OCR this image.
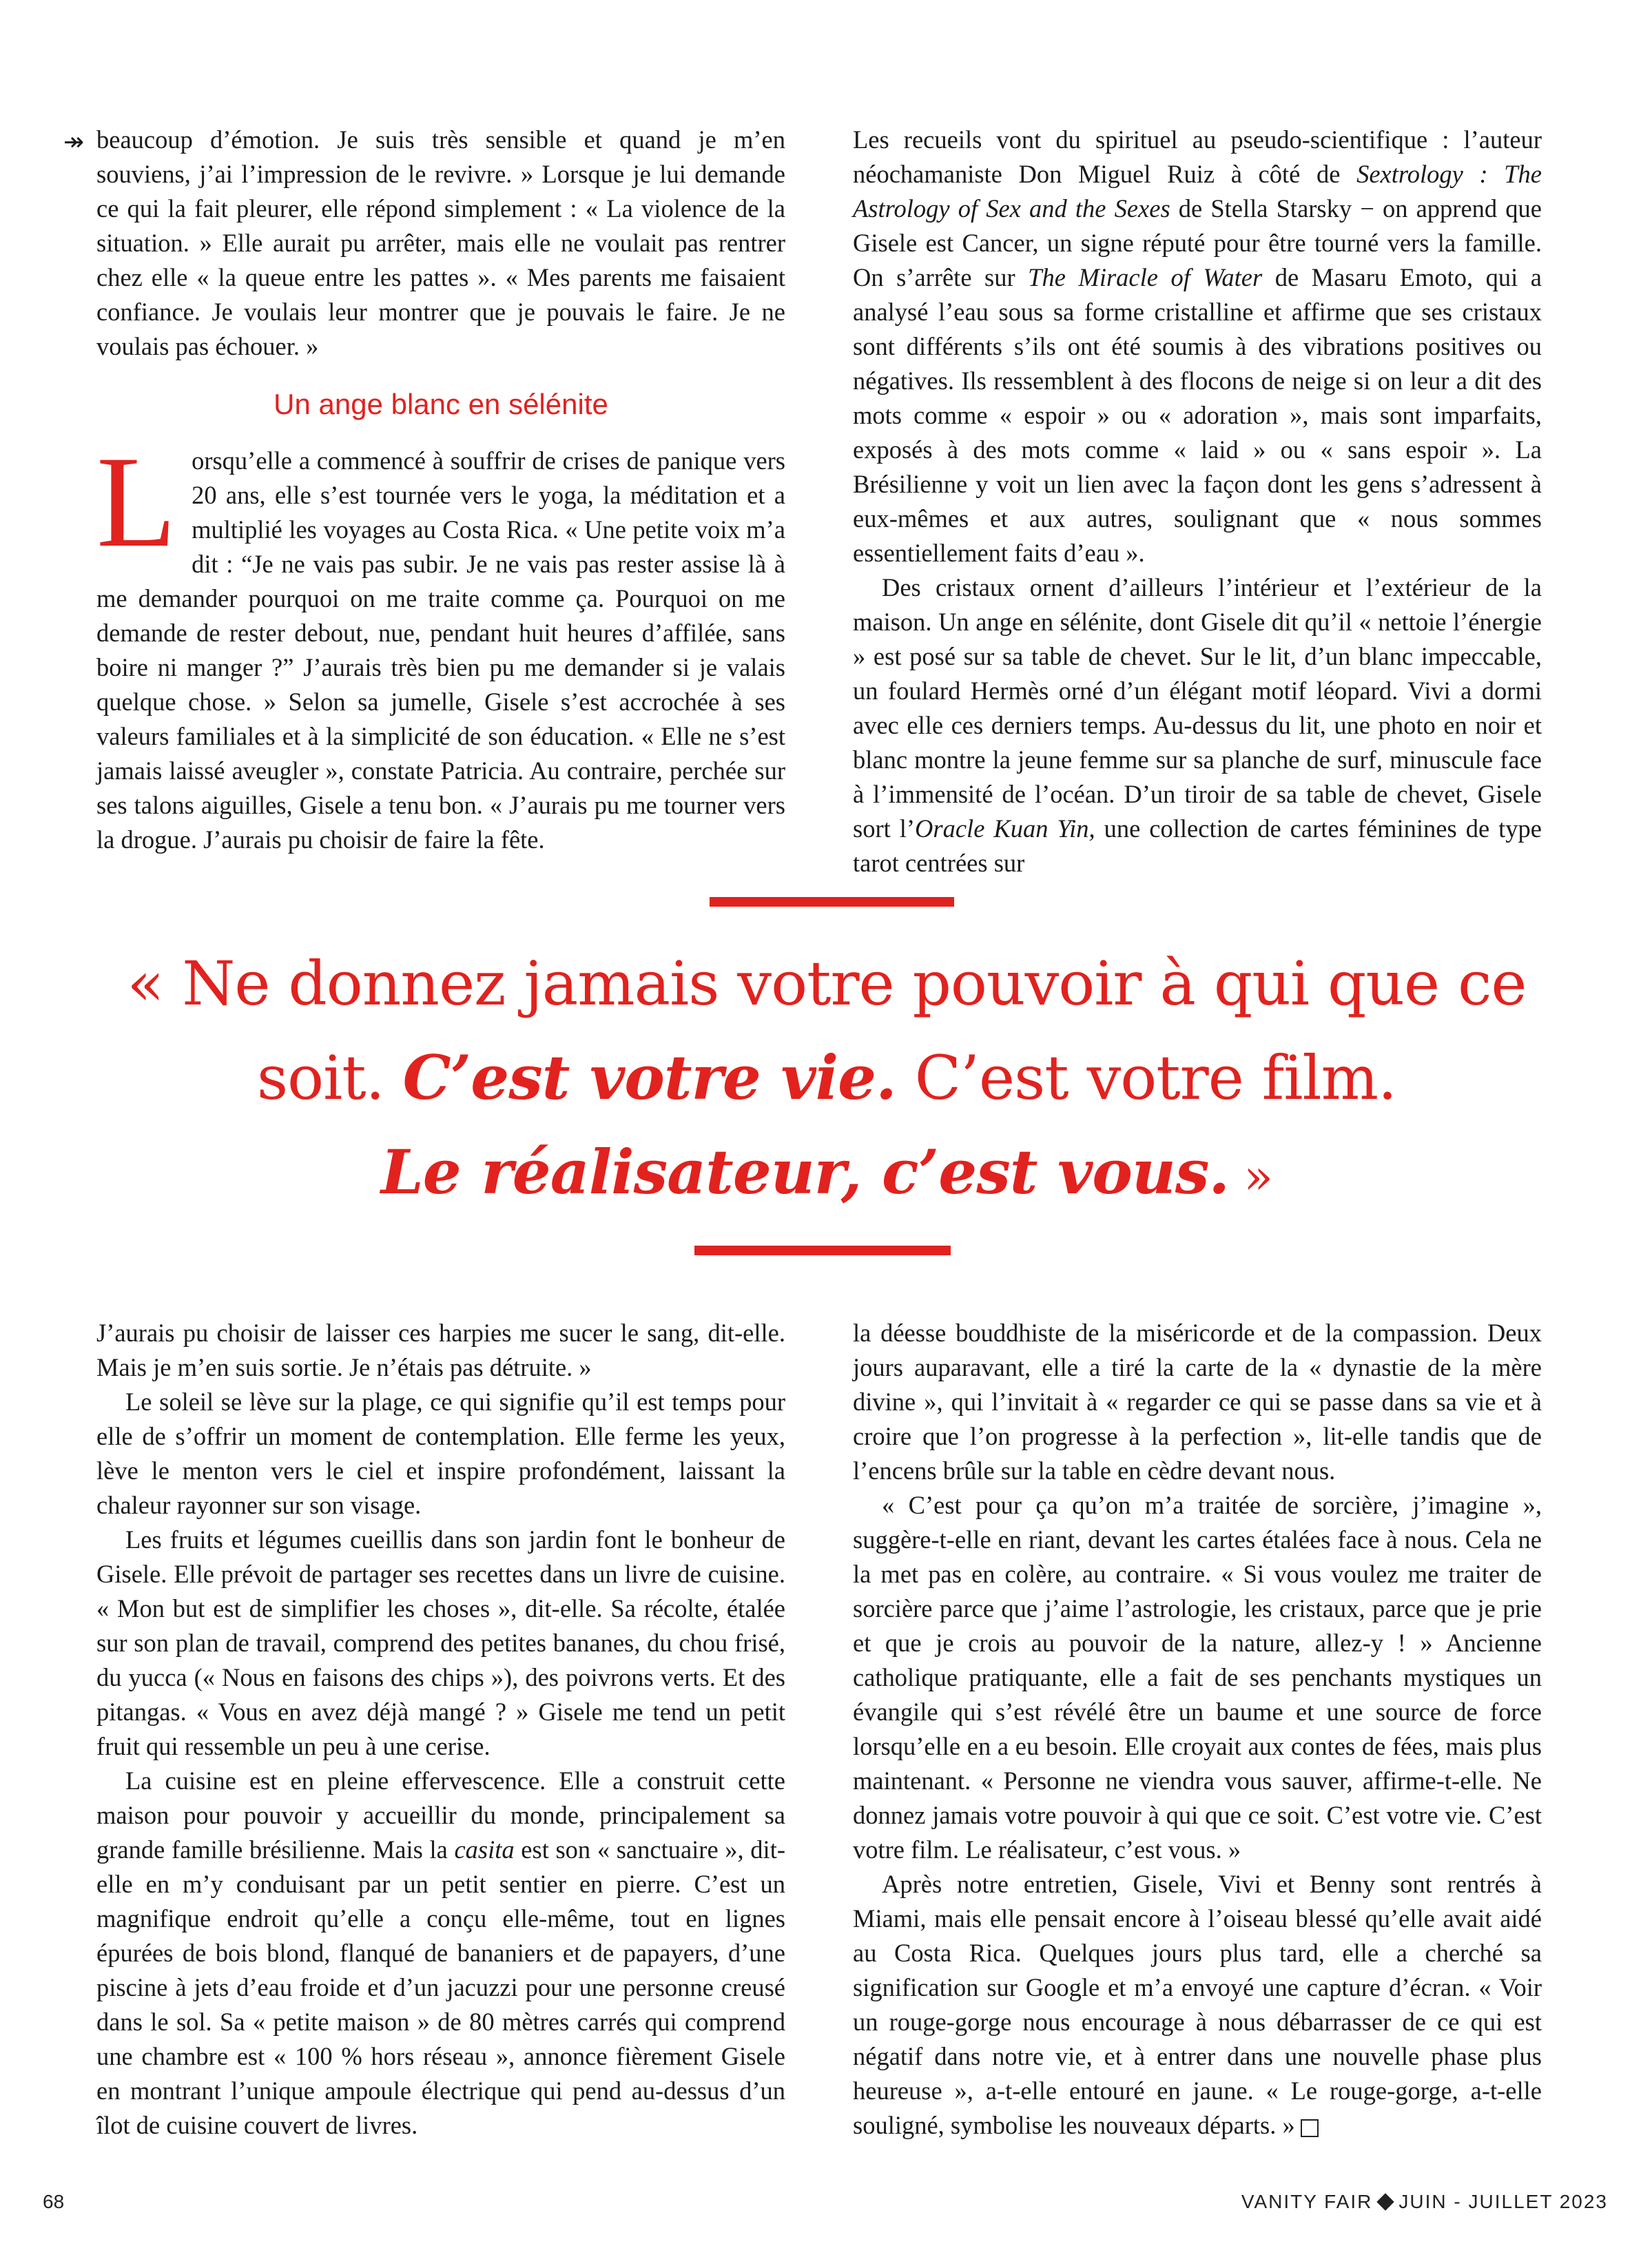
↠ beaucoup d’émotion. Je suis très sensible et quand je m’en souviens, j’ai l’impression de le revivre. » Lorsque je lui demande ce qui la fait pleurer, elle répond simplement : « La violence de la situation. » Elle aurait pu arrêter, mais elle ne voulait pas rentrer chez elle « la queue entre les pattes ». « Mes parents me faisaient confiance. Je voulais leur montrer que je pouvais le faire. Je ne voulais pas échouer. »

Un ange blanc en sélénite

Lorsqu’elle a commencé à souffrir de crises de panique vers 20 ans, elle s’est tournée vers le yoga, la méditation et a multiplié les voyages au Costa Rica. « Une petite voix m’a dit : “Je ne vais pas subir. Je ne vais pas rester assise là à me demander pourquoi on me traite comme ça. Pourquoi on me demande de rester debout, nue, pendant huit heures d’affilée, sans boire ni manger ?” J’aurais très bien pu me demander si je valais quelque chose. » Selon sa jumelle, Gisele s’est accrochée à ses valeurs familiales et à la simplicité de son éducation. « Elle ne s’est jamais laissé aveugler », constate Patricia. Au contraire, perchée sur ses talons aiguilles, Gisele a tenu bon. « J’aurais pu me tourner vers la drogue. J’aurais pu choisir de faire la fête.

Les recueils vont du spirituel au pseudo-scientifique : l’auteur néochamaniste Don Miguel Ruiz à côté de Sextrology : The Astrology of Sex and the Sexes de Stella Starsky − on apprend que Gisele est Cancer, un signe réputé pour être tourné vers la famille. On s’arrête sur The Miracle of Water de Masaru Emoto, qui a analysé l’eau sous sa forme cristalline et affirme que ses cristaux sont différents s’ils ont été soumis à des vibrations positives ou négatives. Ils ressemblent à des flocons de neige si on leur a dit des mots comme « espoir » ou « adoration », mais sont imparfaits, exposés à des mots comme « laid » ou « sans espoir ». La Brésilienne y voit un lien avec la façon dont les gens s’adressent à eux-mêmes et aux autres, soulignant que « nous sommes essentiellement faits d’eau ».

Des cristaux ornent d’ailleurs l’intérieur et l’extérieur de la maison. Un ange en sélénite, dont Gisele dit qu’il « nettoie l’énergie » est posé sur sa table de chevet. Sur le lit, d’un blanc impeccable, un foulard Hermès orné d’un élégant motif léopard. Vivi a dormi avec elle ces derniers temps. Au-dessus du lit, une photo en noir et blanc montre la jeune femme sur sa planche de surf, minuscule face à l’immensité de l’océan. D’un tiroir de sa table de chevet, Gisele sort l’Oracle Kuan Yin, une collection de cartes féminines de type tarot centrées sur

« Ne donnez jamais votre pouvoir à qui que ce soit. C’est votre vie. C’est votre film.
Le réalisateur, c’est vous. »

J’aurais pu choisir de laisser ces harpies me sucer le sang, dit-elle. Mais je m’en suis sortie. Je n’étais pas détruite. »

Le soleil se lève sur la plage, ce qui signifie qu’il est temps pour elle de s’offrir un moment de contemplation. Elle ferme les yeux, lève le menton vers le ciel et inspire profondément, laissant la chaleur rayonner sur son visage.

Les fruits et légumes cueillis dans son jardin font le bonheur de Gisele. Elle prévoit de partager ses recettes dans un livre de cuisine. « Mon but est de simplifier les choses », dit-elle. Sa récolte, étalée sur son plan de travail, comprend des petites bananes, du chou frisé, du yucca (« Nous en faisons des chips »), des poivrons verts. Et des pitangas. « Vous en avez déjà mangé ? » Gisele me tend un petit fruit qui ressemble un peu à une cerise.

La cuisine est en pleine effervescence. Elle a construit cette maison pour pouvoir y accueillir du monde, principalement sa grande famille brésilienne. Mais la casita est son « sanctuaire », dit-elle en m’y conduisant par un petit sentier en pierre. C’est un magnifique endroit qu’elle a conçu elle-même, tout en lignes épurées de bois blond, flanqué de bananiers et de papayers, d’une piscine à jets d’eau froide et d’un jacuzzi pour une personne creusé dans le sol. Sa « petite maison » de 80 mètres carrés qui comprend une chambre est « 100 % hors réseau », annonce fièrement Gisele en montrant l’unique ampoule électrique qui pend au-dessus d’un îlot de cuisine couvert de livres.

la déesse bouddhiste de la miséricorde et de la compassion. Deux jours auparavant, elle a tiré la carte de la « dynastie de la mère divine », qui l’invitait à « regarder ce qui se passe dans sa vie et à croire que l’on progresse à la perfection », lit-elle tandis que de l’encens brûle sur la table en cèdre devant nous.

« C’est pour ça qu’on m’a traitée de sorcière, j’imagine », suggère-t-elle en riant, devant les cartes étalées face à nous. Cela ne la met pas en colère, au contraire. « Si vous voulez me traiter de sorcière parce que j’aime l’astrologie, les cristaux, parce que je prie et que je crois au pouvoir de la nature, allez-y ! » Ancienne catholique pratiquante, elle a fait de ses penchants mystiques un évangile qui s’est révélé être un baume et une source de force lorsqu’elle en a eu besoin. Elle croyait aux contes de fées, mais plus maintenant. « Personne ne viendra vous sauver, affirme-t-elle. Ne donnez jamais votre pouvoir à qui que ce soit. C’est votre vie. C’est votre film. Le réalisateur, c’est vous. »

Après notre entretien, Gisele, Vivi et Benny sont rentrés à Miami, mais elle pensait encore à l’oiseau blessé qu’elle avait aidé au Costa Rica. Quelques jours plus tard, elle a cherché sa signification sur Google et m’a envoyé une capture d’écran. « Voir un rouge-gorge nous encourage à nous débarrasser de ce qui est négatif dans notre vie, et à entrer dans une nouvelle phase plus heureuse », a-t-elle entouré en jaune. « Le rouge-gorge, a-t-elle souligné, symbolise les nouveaux départs. »

68	VANITY FAIR JUIN - JUILLET 2023
